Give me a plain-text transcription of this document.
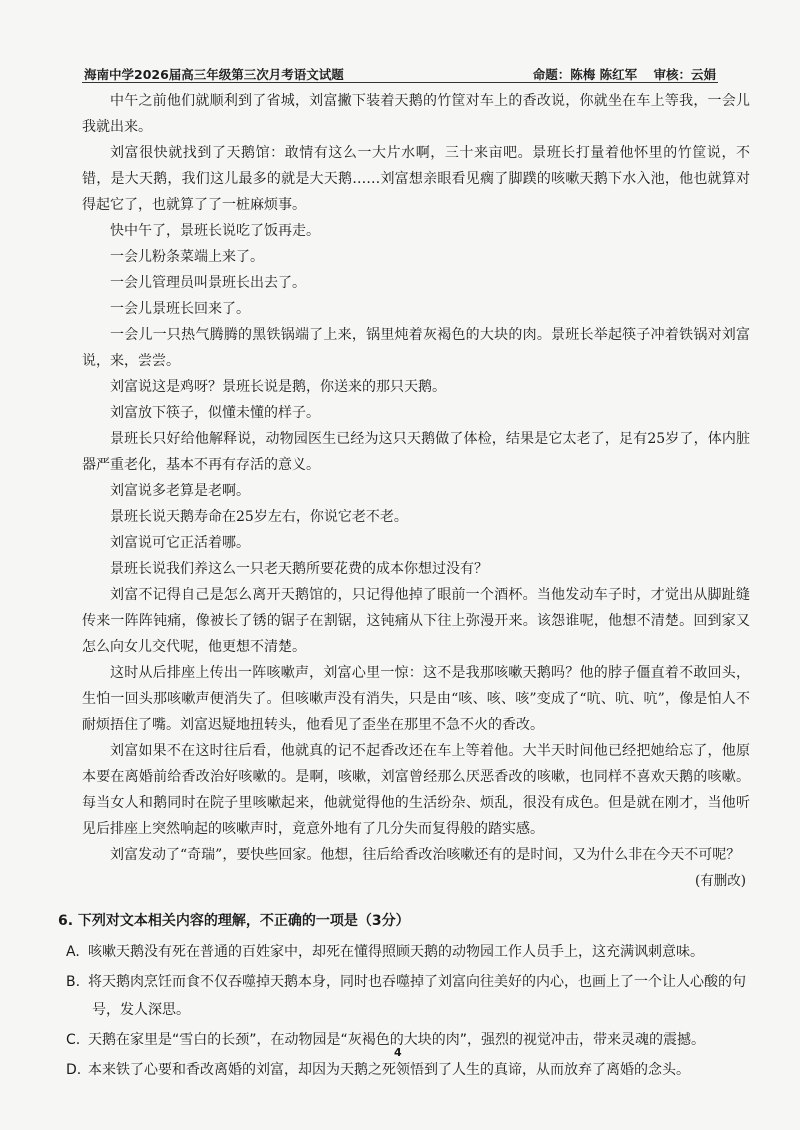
海南中学2026届高三年级第三次月考语文试题	命题：陈梅 陈红军 审核：云娟

中午之前他们就顺利到了省城，刘富撇下装着天鹅的竹筐对车上的香改说，你就坐在车上等我，一会儿我就出来。

刘富很快就找到了天鹅馆：敢情有这么一大片水啊，三十来亩吧。景班长打量着他怀里的竹筐说，不错，是大天鹅，我们这儿最多的就是大天鹅……刘富想亲眼看见瘸了脚蹼的咳嗽天鹅下水入池，他也就算对得起它了，也就算了了一桩麻烦事。

快中午了，景班长说吃了饭再走。

一会儿粉条菜端上来了。

一会儿管理员叫景班长出去了。

一会儿景班长回来了。

一会儿一只热气腾腾的黑铁锅端了上来，锅里炖着灰褐色的大块的肉。景班长举起筷子冲着铁锅对刘富说，来，尝尝。

刘富说这是鸡呀？景班长说是鹅，你送来的那只天鹅。

刘富放下筷子，似懂未懂的样子。

景班长只好给他解释说，动物园医生已经为这只天鹅做了体检，结果是它太老了，足有25岁了，体内脏器严重老化，基本不再有存活的意义。

刘富说多老算是老啊。

景班长说天鹅寿命在25岁左右，你说它老不老。

刘富说可它正活着哪。

景班长说我们养这么一只老天鹅所要花费的成本你想过没有？

刘富不记得自己是怎么离开天鹅馆的，只记得他掉了眼前一个酒杯。当他发动车子时，才觉出从脚趾缝传来一阵阵钝痛，像被长了锈的锯子在割锯，这钝痛从下往上弥漫开来。该怨谁呢，他想不清楚。回到家又怎么向女儿交代呢，他更想不清楚。

这时从后排座上传出一阵咳嗽声，刘富心里一惊：这不是我那咳嗽天鹅吗？他的脖子僵直着不敢回头，生怕一回头那咳嗽声便消失了。但咳嗽声没有消失，只是由“咳、咳、咳”变成了“吭、吭、吭”，像是怕人不耐烦捂住了嘴。刘富迟疑地扭转头，他看见了歪坐在那里不急不火的香改。

刘富如果不在这时往后看，他就真的记不起香改还在车上等着他。大半天时间他已经把她给忘了，他原本要在离婚前给香改治好咳嗽的。是啊，咳嗽，刘富曾经那么厌恶香改的咳嗽，也同样不喜欢天鹅的咳嗽。每当女人和鹅同时在院子里咳嗽起来，他就觉得他的生活纷杂、烦乱，很没有成色。但是就在刚才，当他听见后排座上突然响起的咳嗽声时，竟意外地有了几分失而复得般的踏实感。

刘富发动了“奇瑞”，要快些回家。他想，往后给香改治咳嗽还有的是时间，又为什么非在今天不可呢？

(有删改)
6. 下列对文本相关内容的理解，不正确的一项是（3分）
A. 咳嗽天鹅没有死在普通的百姓家中，却死在懂得照顾天鹅的动物园工作人员手上，这充满讽刺意味。
B. 将天鹅肉烹饪而食不仅吞噬掉天鹅本身，同时也吞噬掉了刘富向往美好的内心，也画上了一个让人心酸的句号，发人深思。
C. 天鹅在家里是“雪白的长颈”，在动物园是“灰褐色的大块的肉”，强烈的视觉冲击，带来灵魂的震撼。
D. 本来铁了心要和香改离婚的刘富，却因为天鹅之死领悟到了人生的真谛，从而放弃了离婚的念头。
4
